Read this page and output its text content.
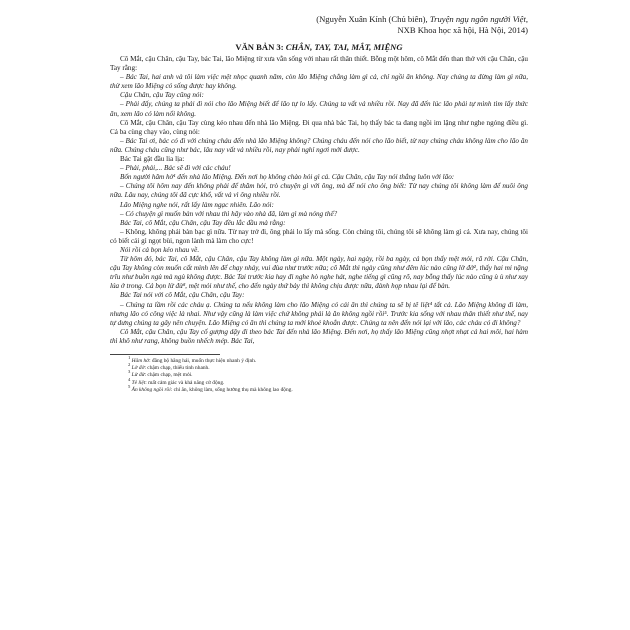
(Nguyễn Xuân Kính (Chủ biên), Truyện ngụ ngôn người Việt,
NXB Khoa học xã hội, Hà Nội, 2014)

VĂN BẢN 3: CHÂN, TAY, TAI, MẮT, MIỆNG

Cô Mắt, cậu Chân, cậu Tay, bác Tai, lão Miệng từ xưa vẫn sống với nhau rất thân thiết. Bỗng một hôm, cô Mắt đến than thở với cậu Chân, cậu Tay rằng:

– Bác Tai, hai anh và tôi làm việc mệt nhọc quanh năm, còn lão Miệng chẳng làm gì cả, chỉ ngồi ăn không. Nay chúng ta đừng làm gì nữa, thử xem lão Miệng có sống được hay không.

Cậu Chân, cậu Tay cũng nói:

– Phải đấy, chúng ta phải đi nói cho lão Miệng biết để lão tự lo lấy. Chúng ta vất vả nhiều rồi. Nay đã đến lúc lão phải tự mình tìm lấy thức ăn, xem lão có làm nổi không.

Cô Mắt, cậu Chân, cậu Tay cùng kéo nhau đến nhà lão Miệng. Đi qua nhà bác Tai, họ thấy bác ta đang ngồi im lặng như nghe ngóng điều gì. Cả ba cùng chạy vào, cùng nói:

– Bác Tai ơi, bác có đi với chúng cháu đến nhà lão Miệng không? Chúng cháu đến nói cho lão biết, từ nay chúng cháu không làm cho lão ăn nữa. Chúng cháu cũng như bác, lâu nay vất vả nhiều rồi, nay phải nghỉ ngơi mới được.

Bác Tai gật đầu lia lịa:

– Phải, phải,... Bác sẽ đi với các cháu!

Bốn người hăm hở¹ đến nhà lão Miệng. Đến nơi họ không chào hỏi gì cả. Cậu Chân, cậu Tay nói thẳng luôn với lão:

– Chúng tôi hôm nay đến không phải để thăm hỏi, trò chuyện gì với ông, mà để nói cho ông biết: Từ nay chúng tôi không làm để nuôi ông nữa. Lâu nay, chúng tôi đã cực khổ, vất vả vì ông nhiều rồi.

Lão Miệng nghe nói, rất lấy làm ngạc nhiên. Lão nói:

– Có chuyện gì muốn bàn với nhau thì hãy vào nhà đã, làm gì mà nóng thế?

Bác Tai, cô Mắt, cậu Chân, cậu Tay đều lắc đầu mà rằng:

– Không, không phải bàn bạc gì nữa. Từ nay trở đi, ông phải lo lấy mà sống. Còn chúng tôi, chúng tôi sẽ không làm gì cả. Xưa nay, chúng tôi có biết cái gì ngọt bùi, ngon lành mà làm cho cực!

Nói rồi cả bọn kéo nhau về.

Từ hôm đó, bác Tai, cô Mắt, cậu Chân, cậu Tay không làm gì nữa. Một ngày, hai ngày, rồi ba ngày, cả bọn thấy mệt mỏi, rã rời. Cậu Chân, cậu Tay không còn muốn cất mình lên để chạy nhảy, vui đùa như trước nữa; cô Mắt thì ngày cũng như đêm lúc nào cũng lờ đờ², thấy hai mi nặng trĩu như buồn ngủ mà ngủ không được. Bác Tai trước kia hay đi nghe hò nghe hát, nghe tiếng gì cũng rõ, nay bỗng thấy lúc nào cũng ù ù như xay lúa ở trong. Cả bọn lừ đừ³, mệt mỏi như thế, cho đến ngày thứ bảy thì không chịu được nữa, đành họp nhau lại để bàn.

Bác Tai nói với cô Mắt, cậu Chân, cậu Tay:

– Chúng ta lầm rồi các cháu ạ. Chúng ta nếu không làm cho lão Miệng có cái ăn thì chúng ta sẽ bị tê liệt⁴ tất cả. Lão Miệng không đi làm, nhưng lão có công việc là nhai. Như vậy cũng là làm việc chứ không phải là ăn không ngồi rồi⁵. Trước kia sống với nhau thân thiết như thế, nay tự dưng chúng ta gây nên chuyện. Lão Miệng có ăn thì chúng ta mới khoẻ khoắn được. Chúng ta nên đến nói lại với lão, các cháu có đi không?

Cô Mắt, cậu Chân, cậu Tay cố gượng dậy đi theo bác Tai đến nhà lão Miệng. Đến nơi, họ thấy lão Miệng cũng nhợt nhạt cả hai môi, hai hàm thì khô như rang, không buồn nhếch mép. Bác Tai,

$^1$ Hăm hở: đầng bộ hăng hái, muốn thực hiện nhanh ý định.

$^2$ Lờ đờ: chậm chạp, thiếu tinh nhanh.

$^3$ Lừ đừ: chậm chạp, mệt mỏi.

$^4$ Tê liệt: mất cảm giác và khả năng cử động.

$^5$ Ăn không ngồi rồi: chỉ ăn, không làm, sống hưởng thụ mà không lao động.
